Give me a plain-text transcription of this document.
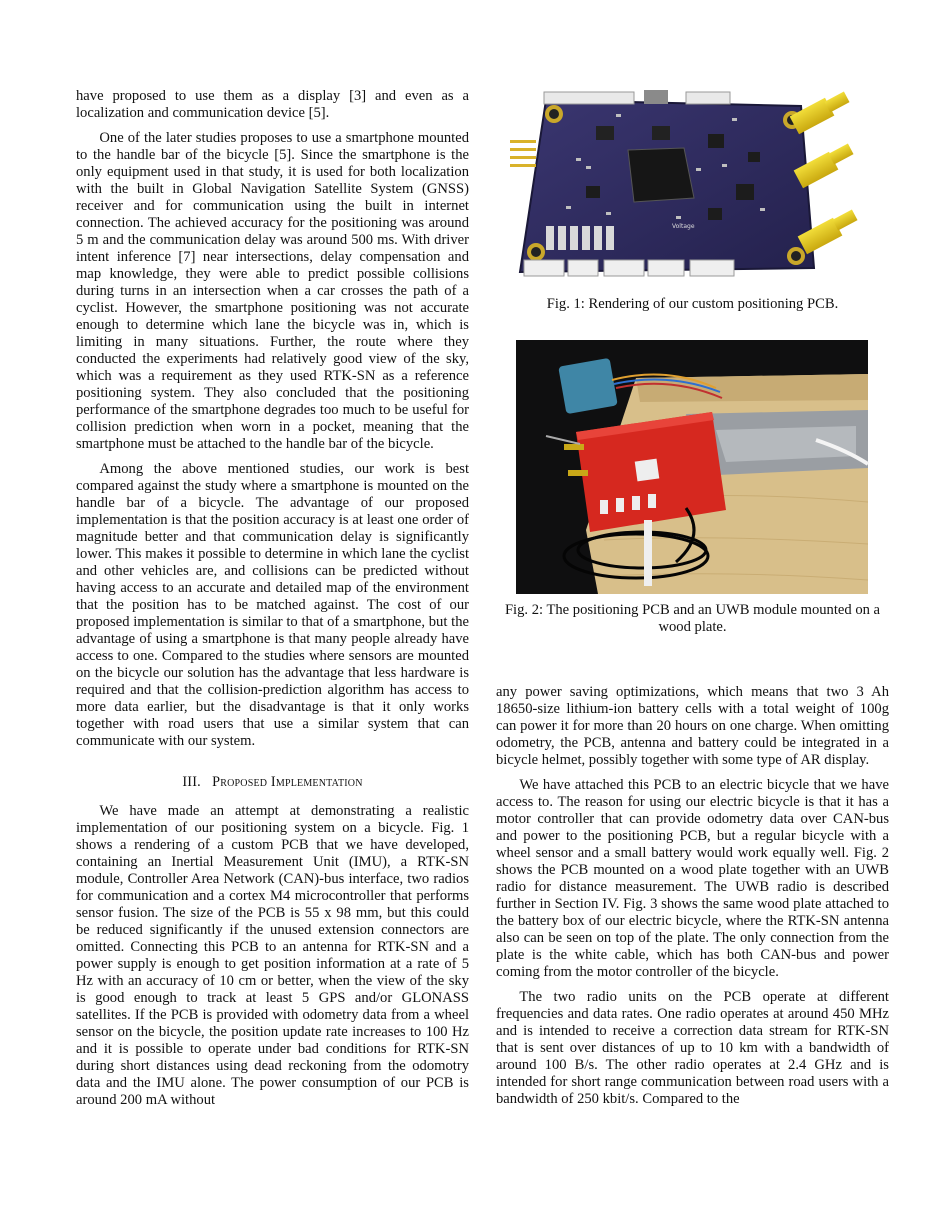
have proposed to use them as a display [3] and even as a localization and communication device [5].

One of the later studies proposes to use a smartphone mounted to the handle bar of the bicycle [5]. Since the smartphone is the only equipment used in that study, it is used for both localization with the built in Global Navigation Satellite System (GNSS) receiver and for communication using the built in internet connection. The achieved accuracy for the positioning was around 5 m and the communication delay was around 500 ms. With driver intent inference [7] near intersections, delay compensation and map knowledge, they were able to predict possible collisions during turns in an intersection when a car crosses the path of a cyclist. However, the smartphone positioning was not accurate enough to determine which lane the bicycle was in, which is limiting in many situations. Further, the route where they conducted the experiments had relatively good view of the sky, which was a requirement as they used RTK-SN as a reference positioning system. They also concluded that the positioning performance of the smartphone degrades too much to be useful for collision prediction when worn in a pocket, meaning that the smartphone must be attached to the handle bar of the bicycle.

Among the above mentioned studies, our work is best compared against the study where a smartphone is mounted on the handle bar of a bicycle. The advantage of our proposed implementation is that the position accuracy is at least one order of magnitude better and that communication delay is significantly lower. This makes it possible to determine in which lane the cyclist and other vehicles are, and collisions can be predicted without having access to an accurate and detailed map of the environment that the position has to be matched against. The cost of our proposed implementation is similar to that of a smartphone, but the advantage of using a smartphone is that many people already have access to one. Compared to the studies where sensors are mounted on the bicycle our solution has the advantage that less hardware is required and that the collision-prediction algorithm has access to more data earlier, but the disadvantage is that it only works together with road users that use a similar system that can communicate with our system.

III. Proposed Implementation

We have made an attempt at demonstrating a realistic implementation of our positioning system on a bicycle. Fig. 1 shows a rendering of a custom PCB that we have developed, containing an Inertial Measurement Unit (IMU), a RTK-SN module, Controller Area Network (CAN)-bus interface, two radios for communication and a cortex M4 microcontroller that performs sensor fusion. The size of the PCB is 55 x 98 mm, but this could be reduced significantly if the unused extension connectors are omitted. Connecting this PCB to an antenna for RTK-SN and a power supply is enough to get position information at a rate of 5 Hz with an accuracy of 10 cm or better, when the view of the sky is good enough to track at least 5 GPS and/or GLONASS satellites. If the PCB is provided with odometry data from a wheel sensor on the bicycle, the position update rate increases to 100 Hz and it is possible to operate under bad conditions for RTK-SN during short distances using dead reckoning from the odomotry data and the IMU alone. The power consumption of our PCB is around 200 mA without

Voltage
Fig. 1: Rendering of our custom positioning PCB.
Fig. 2: The positioning PCB and an UWB module mounted on a wood plate.

any power saving optimizations, which means that two 3 Ah 18650-size lithium-ion battery cells with a total weight of 100g can power it for more than 20 hours on one charge. When omitting odometry, the PCB, antenna and battery could be integrated in a bicycle helmet, possibly together with some type of AR display.

We have attached this PCB to an electric bicycle that we have access to. The reason for using our electric bicycle is that it has a motor controller that can provide odometry data over CAN-bus and power to the positioning PCB, but a regular bicycle with a wheel sensor and a small battery would work equally well. Fig. 2 shows the PCB mounted on a wood plate together with an UWB radio for distance measurement. The UWB radio is described further in Section IV. Fig. 3 shows the same wood plate attached to the battery box of our electric bicycle, where the RTK-SN antenna also can be seen on top of the plate. The only connection from the plate is the white cable, which has both CAN-bus and power coming from the motor controller of the bicycle.

The two radio units on the PCB operate at different frequencies and data rates. One radio operates at around 450 MHz and is intended to receive a correction data stream for RTK-SN that is sent over distances of up to 10 km with a bandwidth of around 100 B/s. The other radio operates at 2.4 GHz and is intended for short range communication between road users with a bandwidth of 250 kbit/s. Compared to the
